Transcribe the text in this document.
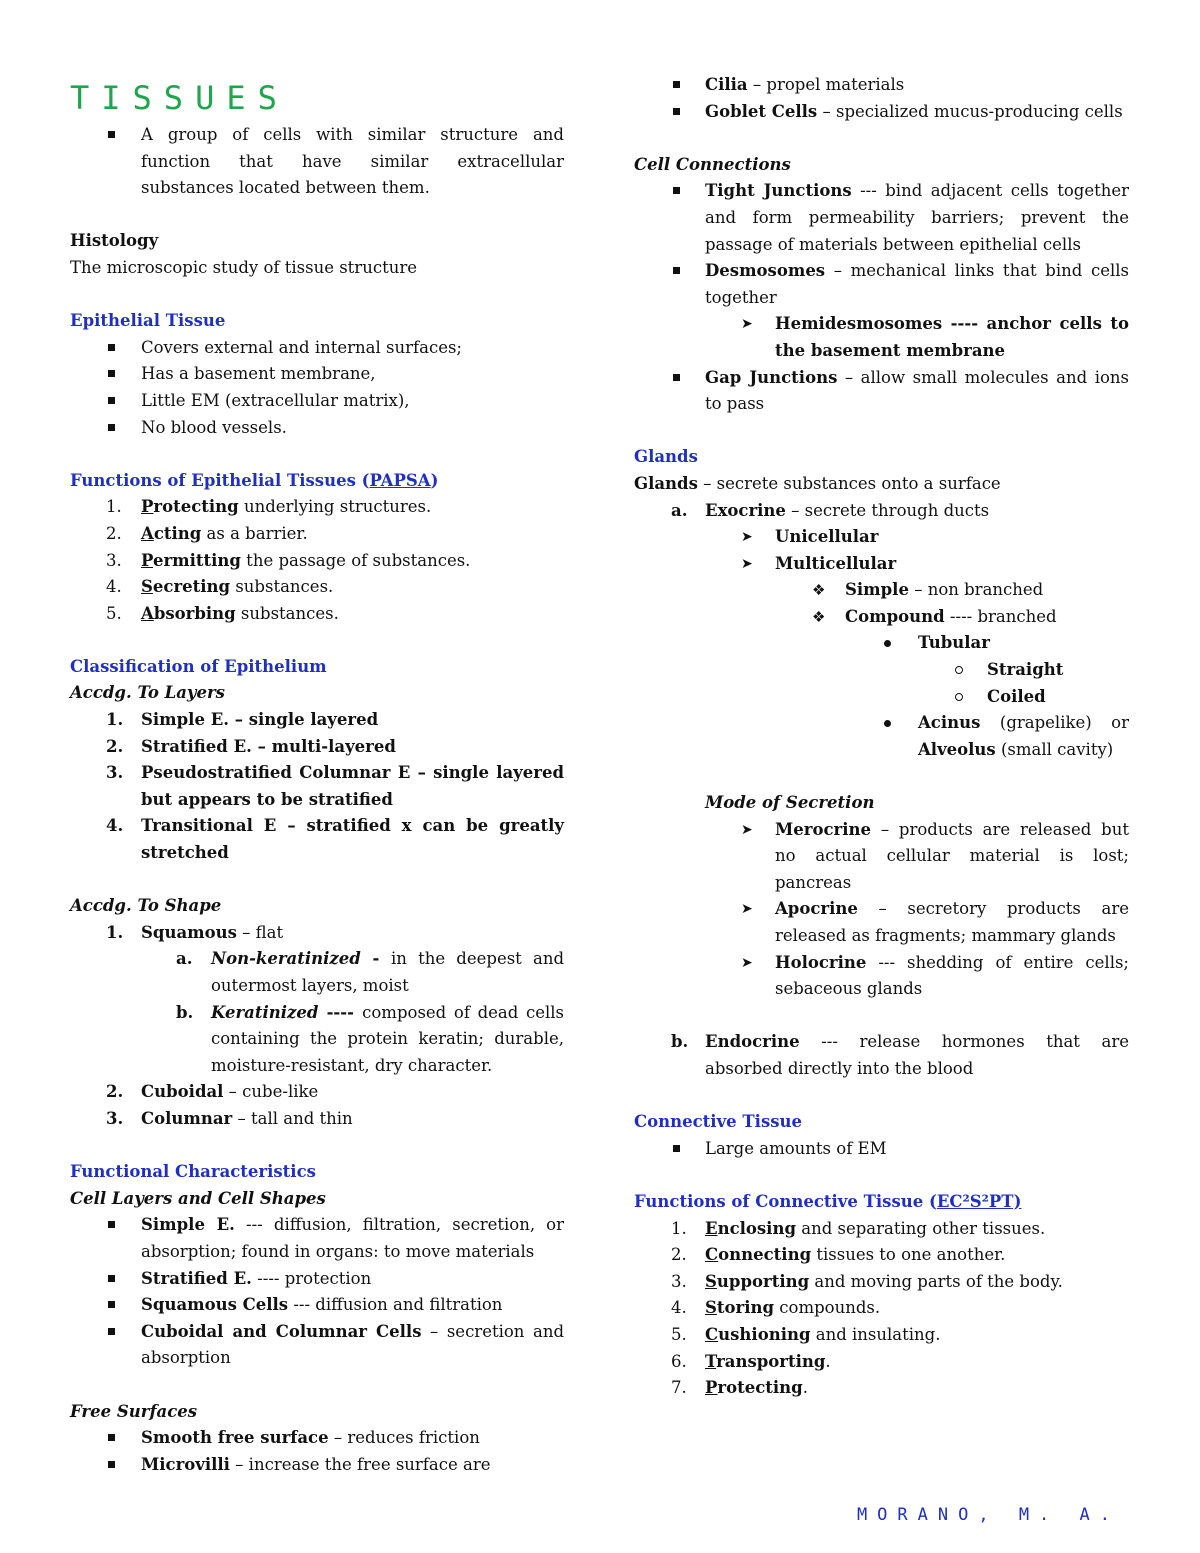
TISSUES
A group of cells with similar structure and function that have similar extracellular substances located between them.

Histology

The microscopic study of tissue structure

Epithelial Tissue

Covers external and internal surfaces;
Has a basement membrane,
Little EM (extracellular matrix),
No blood vessels.

Functions of Epithelial Tissues (PAPSA)

1. Protecting underlying structures.
2. Acting as a barrier.
3. Permitting the passage of substances.
4. Secreting substances.
5. Absorbing substances.

Classification of Epithelium

Accdg. To Layers

1. Simple E. – single layered
2. Stratified E. – multi-layered
3. Pseudostratified Columnar E – single layered but appears to be stratified
4. Transitional E – stratified x can be greatly stretched

Accdg. To Shape

1. Squamous – flat
a. Non-keratinized - in the deepest and outermost layers, moist
b. Keratinized ---- composed of dead cells containing the protein keratin; durable, moisture-resistant, dry character.
2. Cuboidal – cube-like
3. Columnar – tall and thin

Functional Characteristics

Cell Layers and Cell Shapes

Simple E. --- diffusion, filtration, secretion, or absorption; found in organs: to move materials
Stratified E. ---- protection
Squamous Cells --- diffusion and filtration
Cuboidal and Columnar Cells – secretion and absorption

Free Surfaces

Smooth free surface – reduces friction
Microvilli – increase the free surface are
Cilia – propel materials
Goblet Cells – specialized mucus-producing cells

Cell Connections

Tight Junctions --- bind adjacent cells together and form permeability barriers; prevent the passage of materials between epithelial cells
Desmosomes – mechanical links that bind cells together
➤ Hemidesmosomes ---- anchor cells to the basement membrane
Gap Junctions – allow small molecules and ions to pass

Glands

Glands – secrete substances onto a surface

a. Exocrine – secrete through ducts
➤ Unicellular
➤ Multicellular
❖ Simple – non branched
❖ Compound ---- branched
Tubular
Straight
Coiled
Acinus (grapelike) or Alveolus (small cavity)

Mode of Secretion

➤ Merocrine – products are released but no actual cellular material is lost; pancreas
➤ Apocrine – secretory products are released as fragments; mammary glands
➤ Holocrine --- shedding of entire cells; sebaceous glands
b. Endocrine --- release hormones that are absorbed directly into the blood

Connective Tissue

Large amounts of EM

Functions of Connective Tissue (EC²S²PT)

1. Enclosing and separating other tissues.
2. Connecting tissues to one another.
3. Supporting and moving parts of the body.
4. Storing compounds.
5. Cushioning and insulating.
6. Transporting.
7. Protecting.
MORANO, M. A.
